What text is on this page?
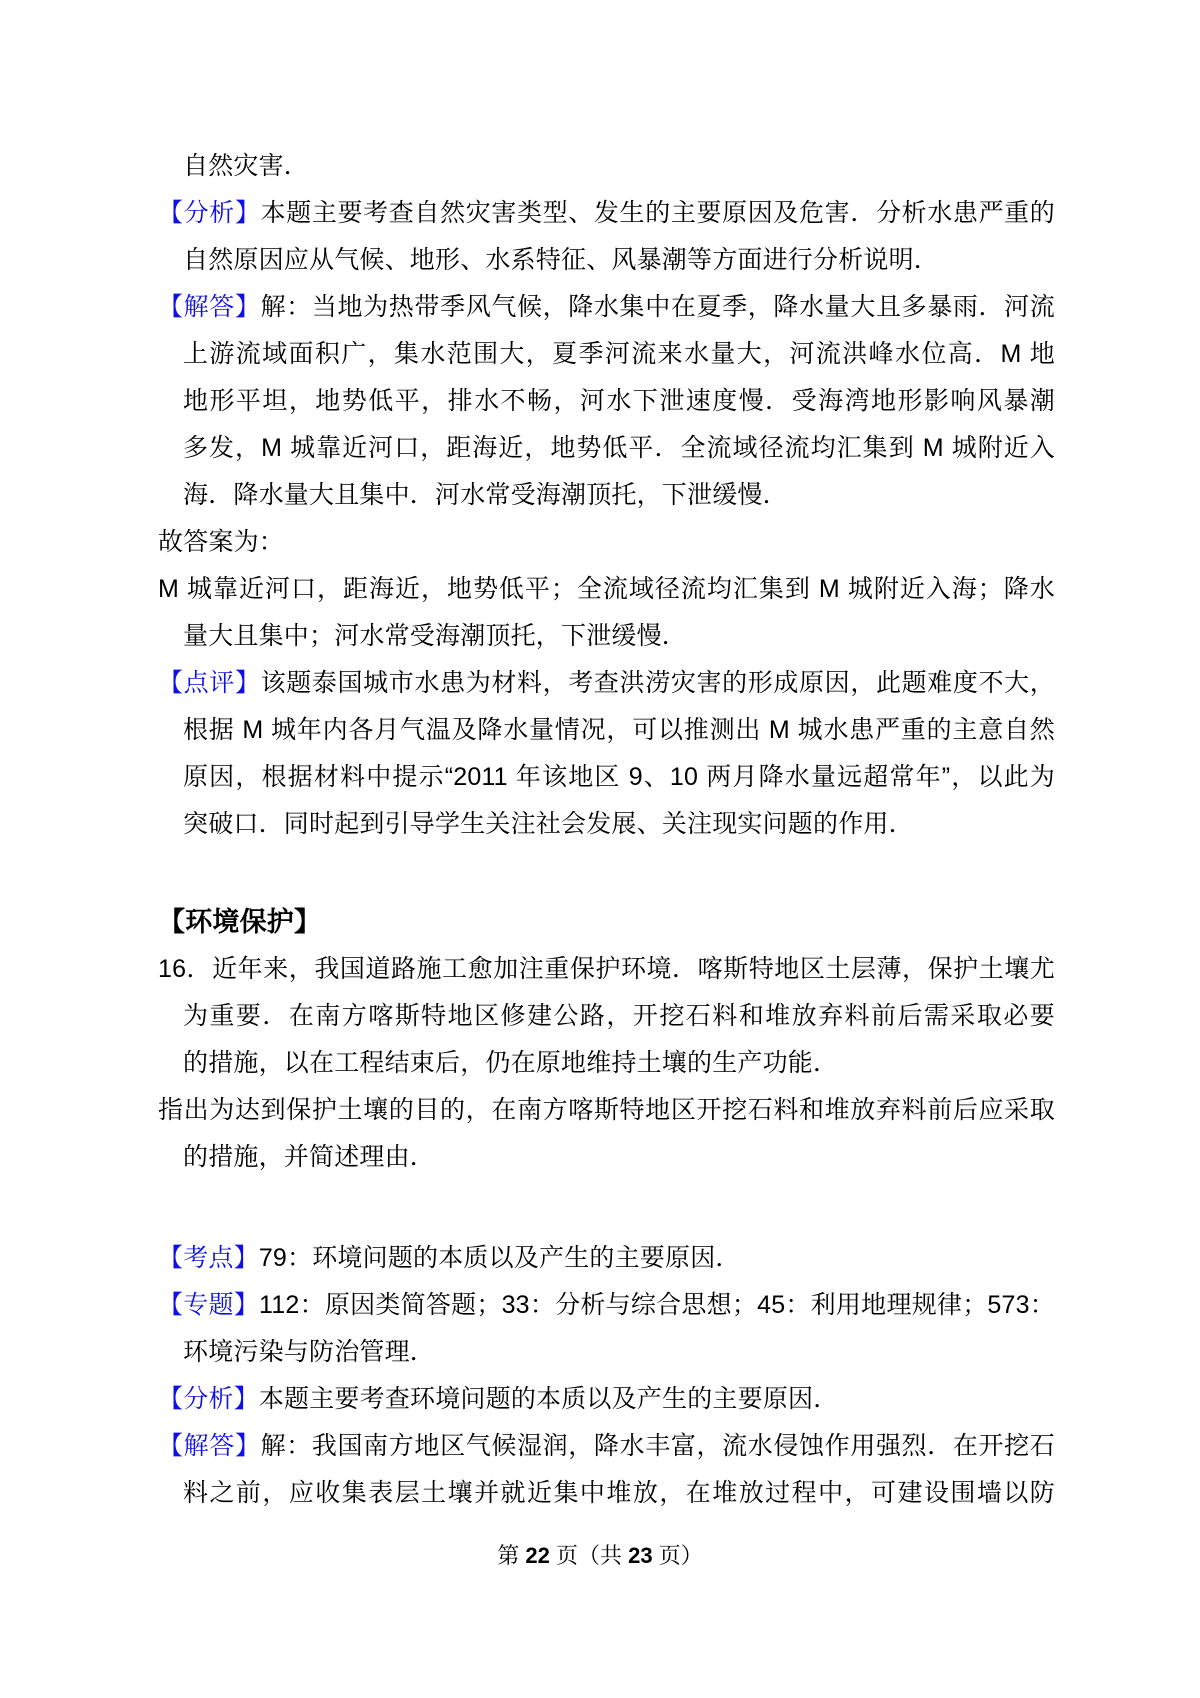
自然灾害．
【分析】本题主要考查自然灾害类型、发生的主要原因及危害．分析水患严重的
自然原因应从气候、地形、水系特征、风暴潮等方面进行分析说明．
【解答】解：当地为热带季风气候，降水集中在夏季，降水量大且多暴雨．河流
上游流域面积广，集水范围大，夏季河流来水量大，河流洪峰水位高．M 地
地形平坦，地势低平，排水不畅，河水下泄速度慢．受海湾地形影响风暴潮
多发，M 城靠近河口，距海近，地势低平．全流域径流均汇集到 M 城附近入
海．降水量大且集中．河水常受海潮顶托，下泄缓慢．
故答案为：
M 城靠近河口，距海近，地势低平；全流域径流均汇集到 M 城附近入海；降水
量大且集中；河水常受海潮顶托，下泄缓慢．
【点评】该题泰国城市水患为材料，考查洪涝灾害的形成原因，此题难度不大，
根据 M 城年内各月气温及降水量情况，可以推测出 M 城水患严重的主意自然
原因，根据材料中提示“2011 年该地区 9、10 两月降水量远超常年”，以此为
突破口．同时起到引导学生关注社会发展、关注现实问题的作用．
【环境保护】
16．近年来，我国道路施工愈加注重保护环境．喀斯特地区土层薄，保护土壤尤
为重要．在南方喀斯特地区修建公路，开挖石料和堆放弃料前后需采取必要
的措施，以在工程结束后，仍在原地维持土壤的生产功能．
指出为达到保护土壤的目的，在南方喀斯特地区开挖石料和堆放弃料前后应采取
的措施，并简述理由．
【考点】79：环境问题的本质以及产生的主要原因．
【专题】112：原因类简答题；33：分析与综合思想；45：利用地理规律；573：
环境污染与防治管理．
【分析】本题主要考查环境问题的本质以及产生的主要原因．
【解答】解：我国南方地区气候湿润，降水丰富，流水侵蚀作用强烈．在开挖石
料之前，应收集表层土壤并就近集中堆放，在堆放过程中，可建设围墙以防
第 22 页（共 23 页）
